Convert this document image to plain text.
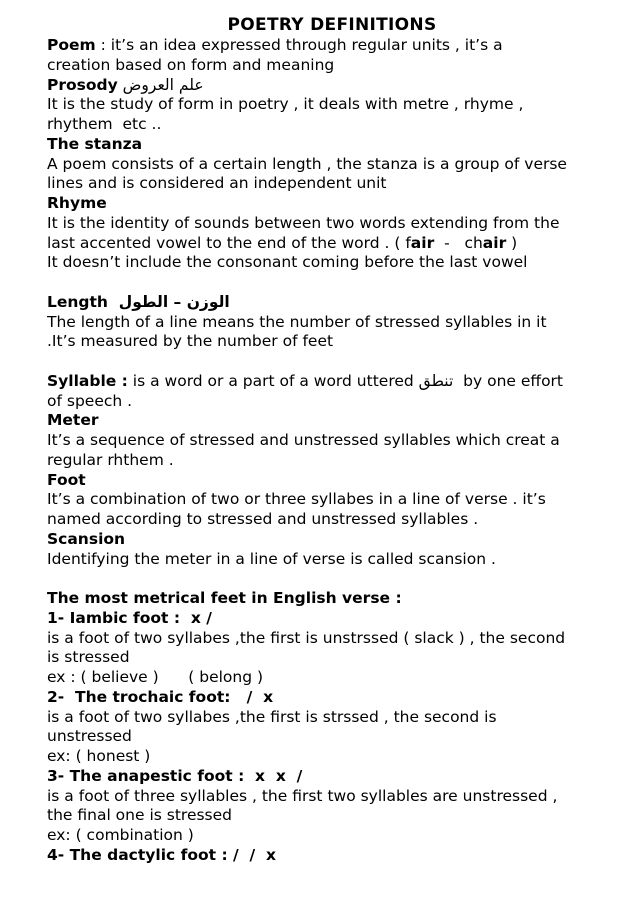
POETRY DEFINITIONS
Poem : it’s an idea expressed through regular units , it’s a
creation based on form and meaning
Prosody علم العروض
It is the study of form in poetry , it deals with metre , rhyme ,
rhythem  etc ..
The stanza
A poem consists of a certain length , the stanza is a group of verse
lines and is considered an independent unit
Rhyme
It is the identity of sounds between two words extending from the
last accented vowel to the end of the word . ( fair  -   chair )
It doesn’t include the consonant coming before the last vowel
Length  الوزن – الطول
The length of a line means the number of stressed syllables in it
.It’s measured by the number of feet
Syllable : is a word or a part of a word uttered تنطق  by one effort
of speech .
Meter
It’s a sequence of stressed and unstressed syllables which creat a
regular rhthem .
Foot
It’s a combination of two or three syllabes in a line of verse . it’s
named according to stressed and unstressed syllables .
Scansion
Identifying the meter in a line of verse is called scansion .
The most metrical feet in English verse :
1- Iambic foot :  x /
is a foot of two syllabes ,the first is unstrssed ( slack ) , the second
is stressed
ex : ( believe )      ( belong )
2-  The trochaic foot:   /  x
is a foot of two syllabes ,the first is strssed , the second is
unstressed
ex: ( honest )
3- The anapestic foot :  x  x  /
is a foot of three syllables , the first two syllables are unstressed ,
the final one is stressed
ex: ( combination )
4- The dactylic foot : /  /  x
